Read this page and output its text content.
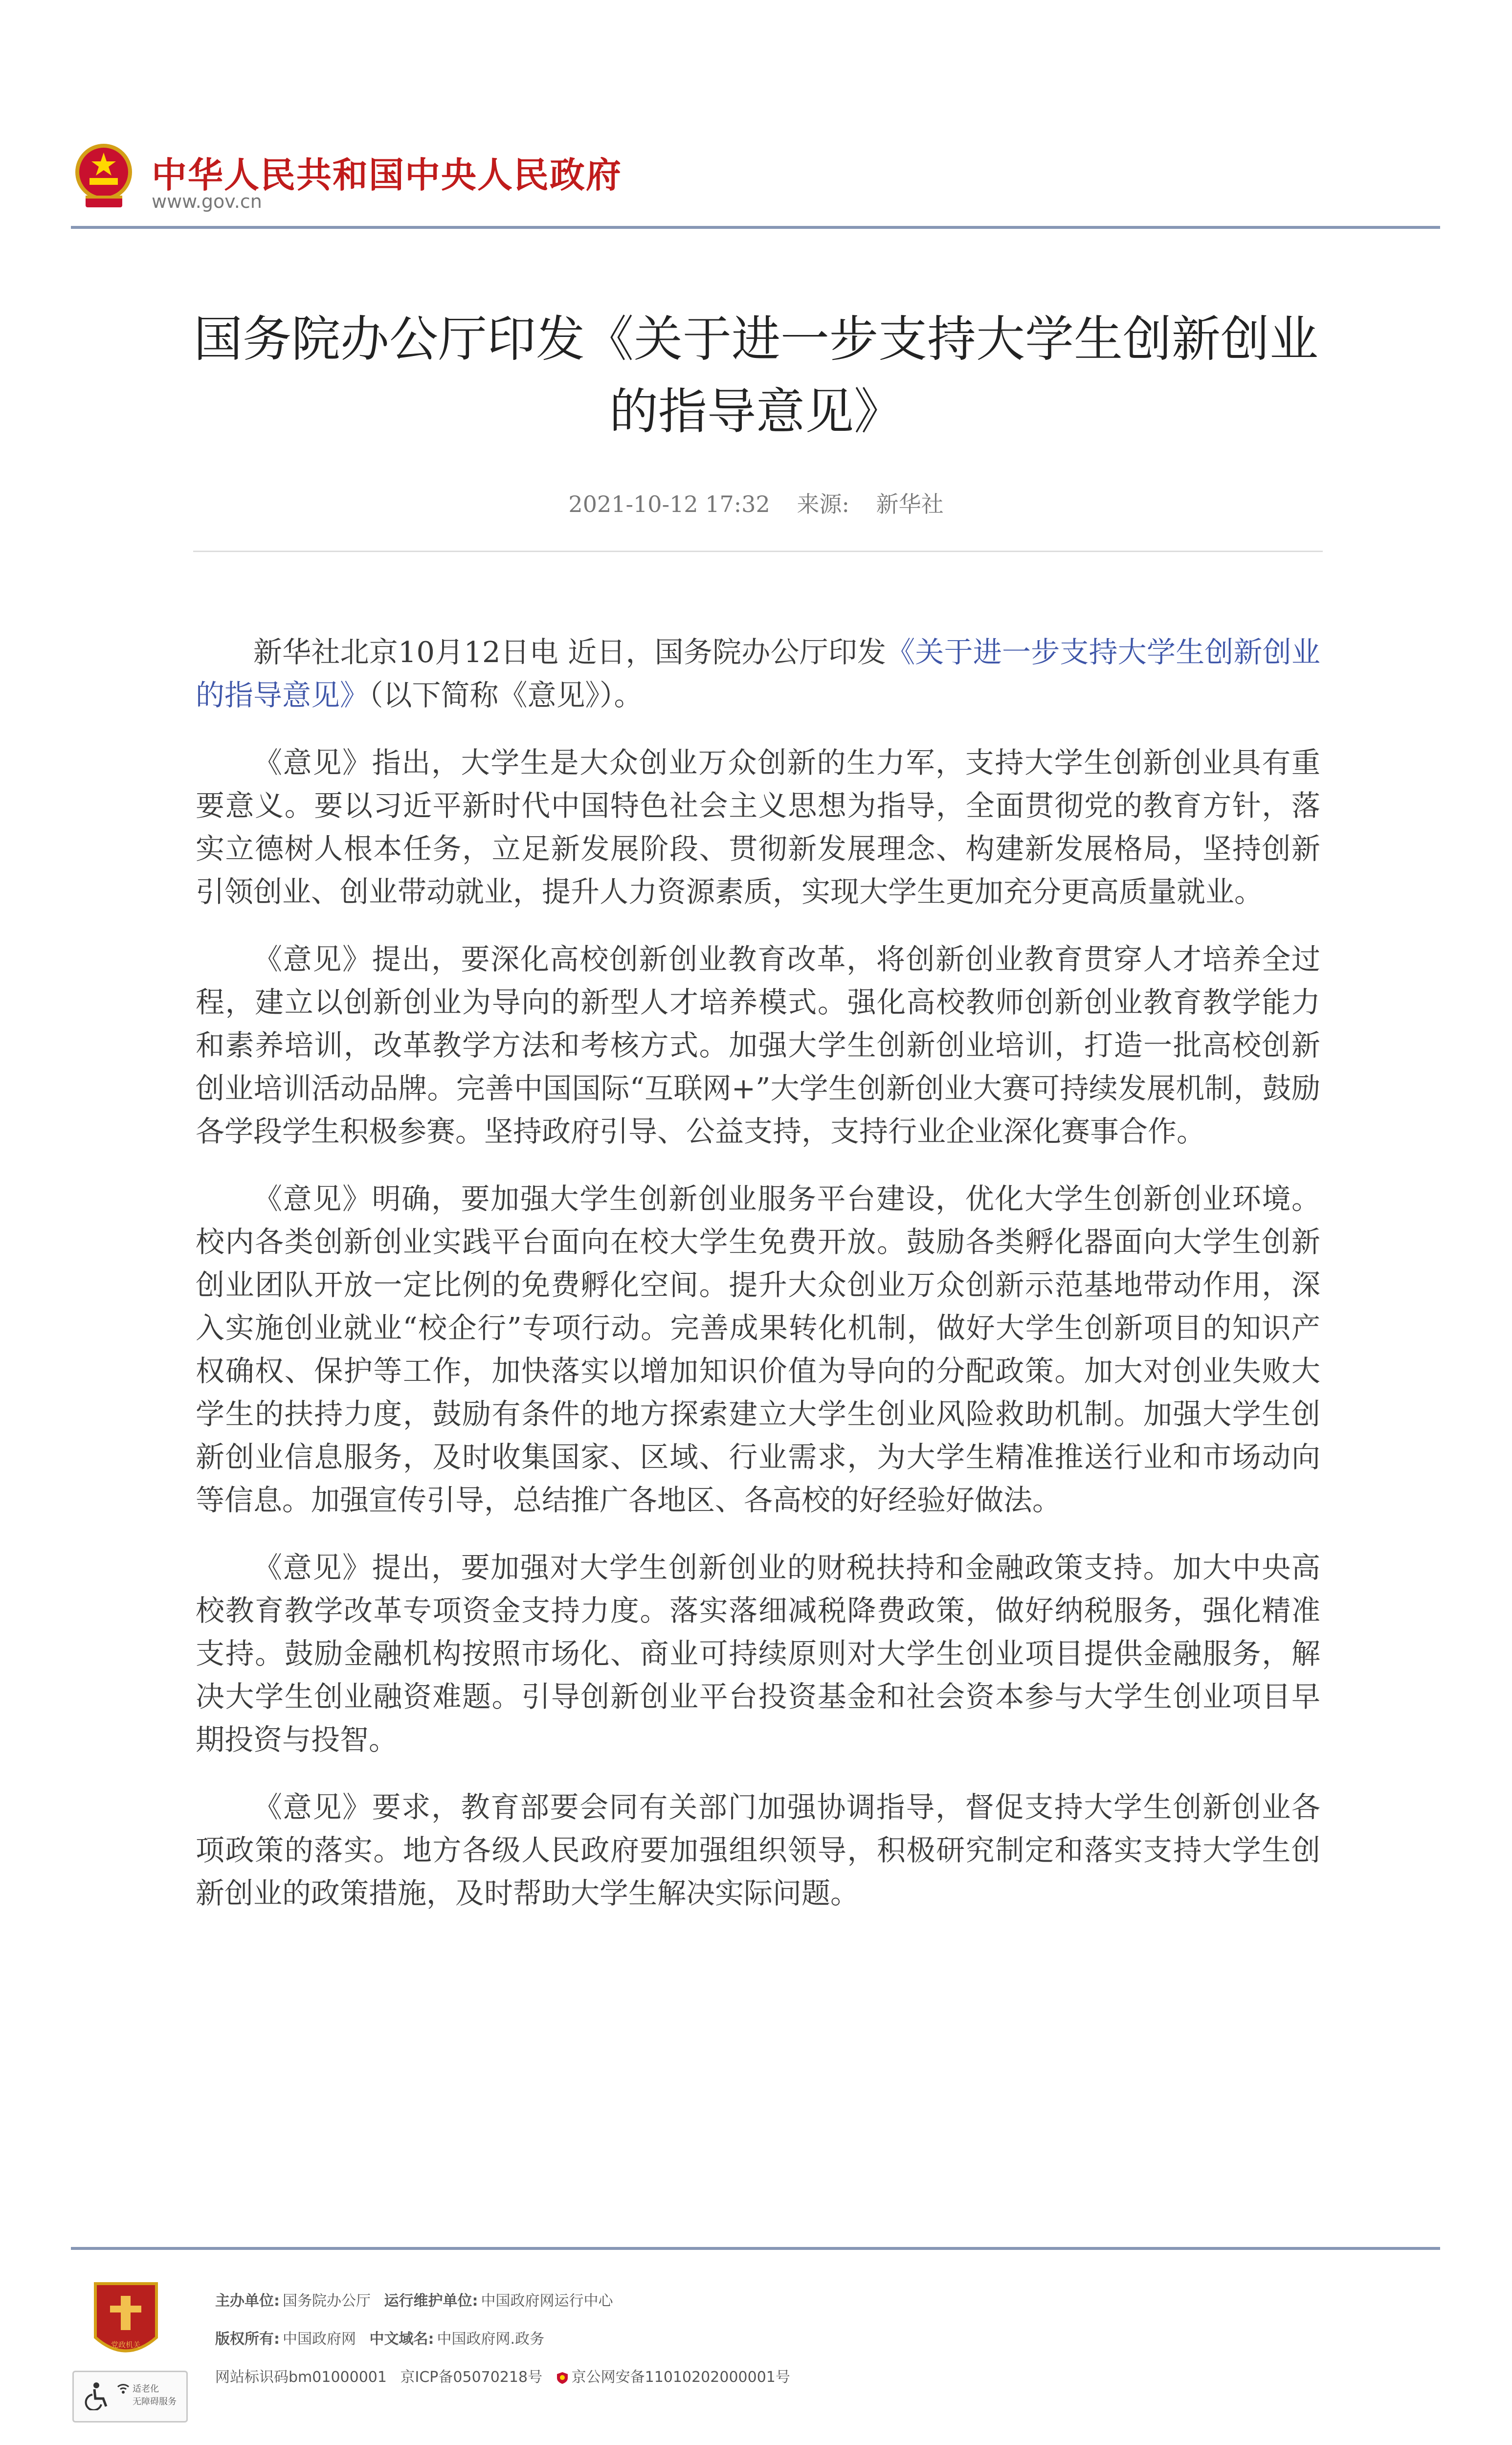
中华人民共和国中央人民政府
www.gov.cn
国务院办公厅印发《关于进一步支持大学生创新创业
的指导意见》
2021-10-12 17:32 来源: 新华社

新华社北京10月12日电 近日，国务院办公厅印发《关于进一步支持大学生创新创业的指导意见》（以下简称《意见》）。

《意见》指出，大学生是大众创业万众创新的生力军，支持大学生创新创业具有重要意义。要以习近平新时代中国特色社会主义思想为指导，全面贯彻党的教育方针，落实立德树人根本任务，立足新发展阶段、贯彻新发展理念、构建新发展格局，坚持创新引领创业、创业带动就业，提升人力资源素质，实现大学生更加充分更高质量就业。

《意见》提出，要深化高校创新创业教育改革，将创新创业教育贯穿人才培养全过程，建立以创新创业为导向的新型人才培养模式。强化高校教师创新创业教育教学能力和素养培训，改革教学方法和考核方式。加强大学生创新创业培训，打造一批高校创新创业培训活动品牌。完善中国国际“互联网+”大学生创新创业大赛可持续发展机制，鼓励各学段学生积极参赛。坚持政府引导、公益支持，支持行业企业深化赛事合作。

《意见》明确，要加强大学生创新创业服务平台建设，优化大学生创新创业环境。校内各类创新创业实践平台面向在校大学生免费开放。鼓励各类孵化器面向大学生创新创业团队开放一定比例的免费孵化空间。提升大众创业万众创新示范基地带动作用，深入实施创业就业“校企行”专项行动。完善成果转化机制，做好大学生创新项目的知识产权确权、保护等工作，加快落实以增加知识价值为导向的分配政策。加大对创业失败大学生的扶持力度，鼓励有条件的地方探索建立大学生创业风险救助机制。加强大学生创新创业信息服务，及时收集国家、区域、行业需求，为大学生精准推送行业和市场动向等信息。加强宣传引导，总结推广各地区、各高校的好经验好做法。

《意见》提出，要加强对大学生创新创业的财税扶持和金融政策支持。加大中央高校教育教学改革专项资金支持力度。落实落细减税降费政策，做好纳税服务，强化精准支持。鼓励金融机构按照市场化、商业可持续原则对大学生创业项目提供金融服务，解决大学生创业融资难题。引导创新创业平台投资基金和社会资本参与大学生创业项目早期投资与投智。

《意见》要求，教育部要会同有关部门加强协调指导，督促支持大学生创新创业各项政策的落实。地方各级人民政府要加强组织领导，积极研究制定和落实支持大学生创新创业的政策措施，及时帮助大学生解决实际问题。

党政机关
适老化
无障碍服务
主办单位: 国务院办公厅 运行维护单位: 中国政府网运行中心
版权所有: 中国政府网 中文域名: 中国政府网.政务
网站标识码bm01000001 京ICP备05070218号 京公网安备11010202000001号
